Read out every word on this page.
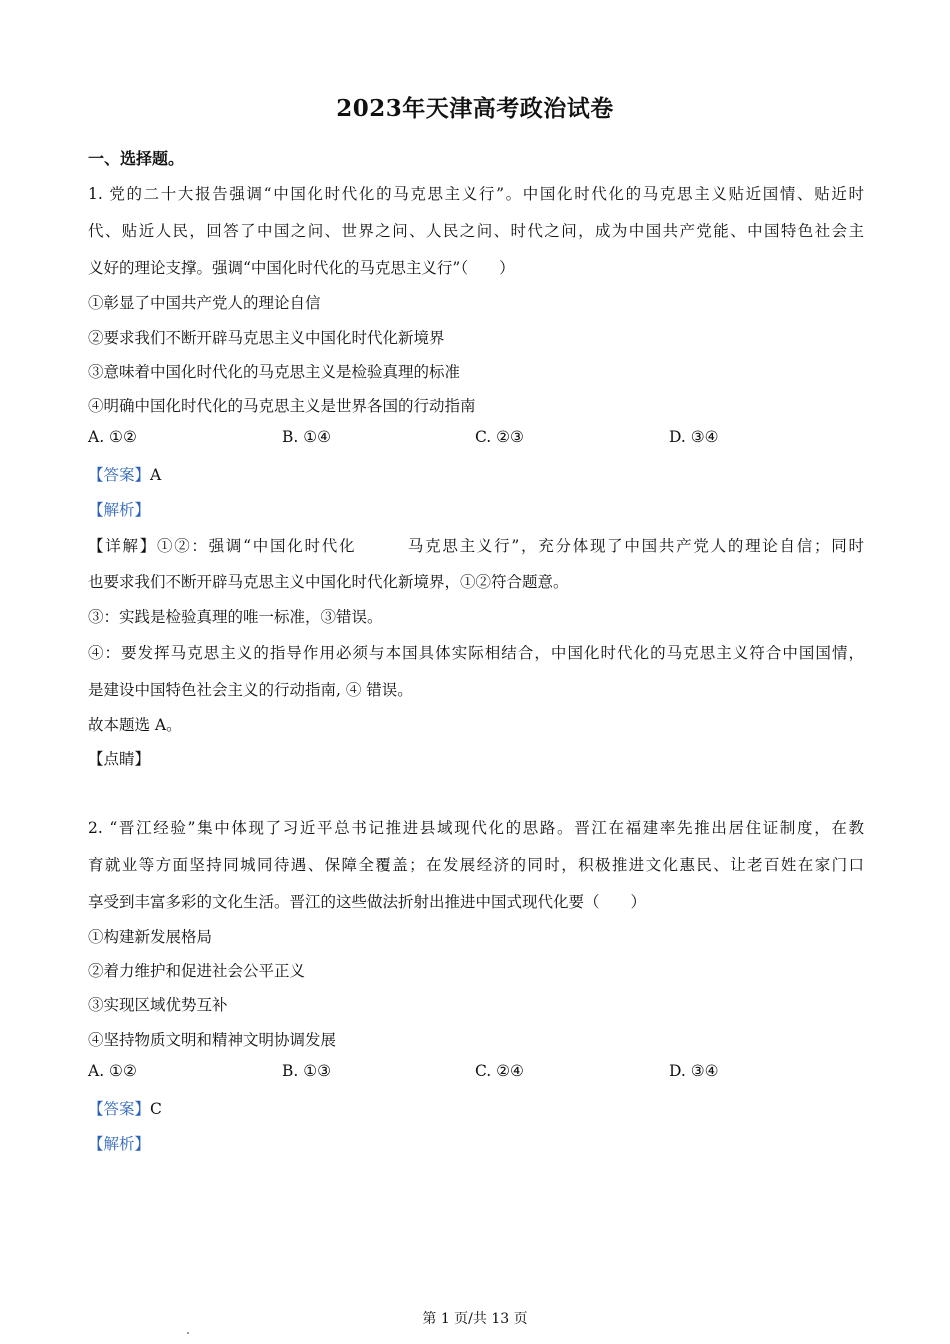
2023年天津高考政治试卷
一、选择题。
1. 党的二十大报告强调“中国化时代化的马克思主义行”。中国化时代化的马克思主义贴近国情、贴近时
代、贴近人民，回答了中国之问、世界之问、人民之问、时代之问，成为中国共产党能、中国特色社会主
义好的理论支撑。强调“中国化时代化的马克思主义行”（　　）
①彰显了中国共产党人的理论自信
②要求我们不断开辟马克思主义中国化时代化新境界
③意味着中国化时代化的马克思主义是检验真理的标准
④明确中国化时代化的马克思主义是世界各国的行动指南
A. ①②	B. ①④	C. ②③	D. ③④
【答案】A
【解析】
【详解】①②：强调“中国化时代化　　　马克思主义行”，充分体现了中国共产党人的理论自信；同时
也要求我们不断开辟马克思主义中国化时代化新境界，①②符合题意。
③：实践是检验真理的唯一标准，③错误。
④：要发挥马克思主义的指导作用必须与本国具体实际相结合，中国化时代化的马克思主义符合中国国情，
是建设中国特色社会主义的行动指南, ④ 错误。
故本题选 A。
【点睛】
2. “晋江经验”集中体现了习近平总书记推进县域现代化的思路。晋江在福建率先推出居住证制度，在教
育就业等方面坚持同城同待遇、保障全覆盖；在发展经济的同时，积极推进文化惠民、让老百姓在家门口
享受到丰富多彩的文化生活。晋江的这些做法折射出推进中国式现代化要（　　）
①构建新发展格局
②着力维护和促进社会公平正义
③实现区域优势互补
④坚持物质文明和精神文明协调发展
A. ①②	B. ①③	C. ②④	D. ③④
【答案】C
【解析】
第 1 页/共 13 页
